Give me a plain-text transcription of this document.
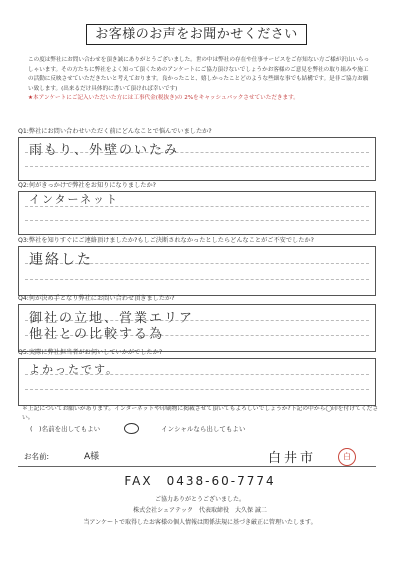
お客様のお声をお聞かせください
この度は弊社にお問い合わせを頂き誠にありがとうございました。世の中は弊社の存在や仕事サービスをご存知ない方ご様が沢山いらっしゃいます。その方たちに弊社をよく知って頂くためのアンケートにご協力頂けないでしょうかお客様のご意見を弊社の取り組みや施工の活動に反映させていただきたいと考えております。良かったこと、嬉しかったことどのような些細な事でも結構です。是非ご協力お願い致します。(出来るだけ具体的に書いて頂ければ幸いです)
★本アンケートにご記入いただいた方には工事代金(税抜き)の 2%をキャッシュバックさせていただきます。
Q1:弊社にお問い合わせいただく前にどんなことで悩んでいましたか?
雨もり、外壁のいたみ
Q2:何がきっかけで弊社をお知りになりましたか?
インターネット
Q3:弊社を知りすぐにご連絡頂けましたか?もしご決断されなかったとしたらどんなことがご不安でしたか?
連絡した
Q4:何が決め手となり弊社にお問い合わせ頂きましたか?
御社の立地、営業エリア
他社との比較する為
Q5:実際に弊社担当者がお伺いしていかがでしたか?
よかったです。
＊上記についてお願いがあります。インターネットや印刷物に掲載させて頂いてもよろしいでしょうか?下記の中から◯印を付けてください。
(　)名前を出してもよい	インシャルなら出してもよい
お名前:	A様	白井市	白
FAX　0438-60-7774
ご協力ありがとうございました。
株式会社シェアテック　代表取締役　大久保 誠二
当アンケートで取得したお客様の個人情報は関係法規に基づき厳正に管理いたします。
